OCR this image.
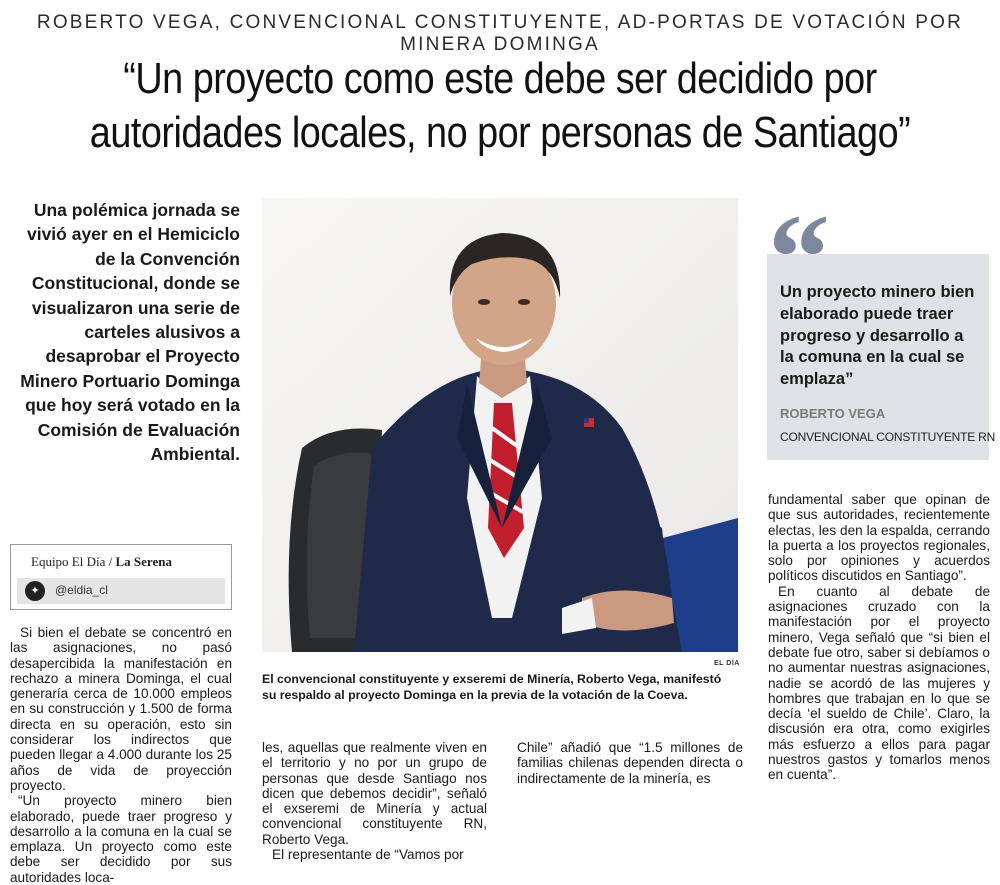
ROBERTO VEGA, CONVENCIONAL CONSTITUYENTE, AD-PORTAS DE VOTACIÓN POR MINERA DOMINGA
“Un proyecto como este debe ser decidido por
autoridades locales, no por personas de Santiago”
Una polémica jornada se vivió ayer en el Hemiciclo de la Convención Constitucional, donde se visualizaron una serie de carteles alusivos a desaprobar el Proyecto Minero Portuario Dominga que hoy será votado en la Comisión de Evaluación Ambiental.
Equipo El Día / La Serena
✦	@eldia_cl

Si bien el debate se concentró en las asignaciones, no pasó desapercibida la manifestación en rechazo a minera Dominga, el cual generaría cerca de 10.000 empleos en su construcción y 1.500 de forma directa en su operación, esto sin considerar los indirectos que pueden llegar a 4.000 durante los 25 años de vida de proyección proyecto.

“Un proyecto minero bien elaborado, puede traer progreso y desarrollo a la comuna en la cual se emplaza. Un proyecto como este debe ser decidido por sus autoridades loca-

EL DÍA
El convencional constituyente y exseremi de Minería, Roberto Vega, manifestó su respaldo al proyecto Dominga en la previa de la votación de la Coeva.

les, aquellas que realmente viven en el territorio y no por un grupo de personas que desde Santiago nos dicen que debemos decidir”, señaló el exseremi de Minería y actual convencional constituyente RN, Roberto Vega.

El representante de “Vamos por

Chile” añadió que “1.5 millones de familias chilenas dependen directa o indirectamente de la minería, es

Un proyecto minero bien elaborado puede traer progreso y desarrollo a la comuna en la cual se emplaza”
ROBERTO VEGA
CONVENCIONAL CONSTITUYENTE RN

fundamental saber que opinan de que sus autoridades, recientemente electas, les den la espalda, cerrando la puerta a los proyectos regionales, solo por opiniones y acuerdos políticos discutidos en Santiago”.

En cuanto al debate de asignaciones cruzado con la manifestación por el proyecto minero, Vega señaló que “si bien el debate fue otro, saber si debíamos o no aumentar nuestras asignaciones, nadie se acordó de las mujeres y hombres que trabajan en lo que se decía ‘el sueldo de Chile’. Claro, la discusión era otra, como exigirles más esfuerzo a ellos para pagar nuestros gastos y tomarlos menos en cuenta”.
